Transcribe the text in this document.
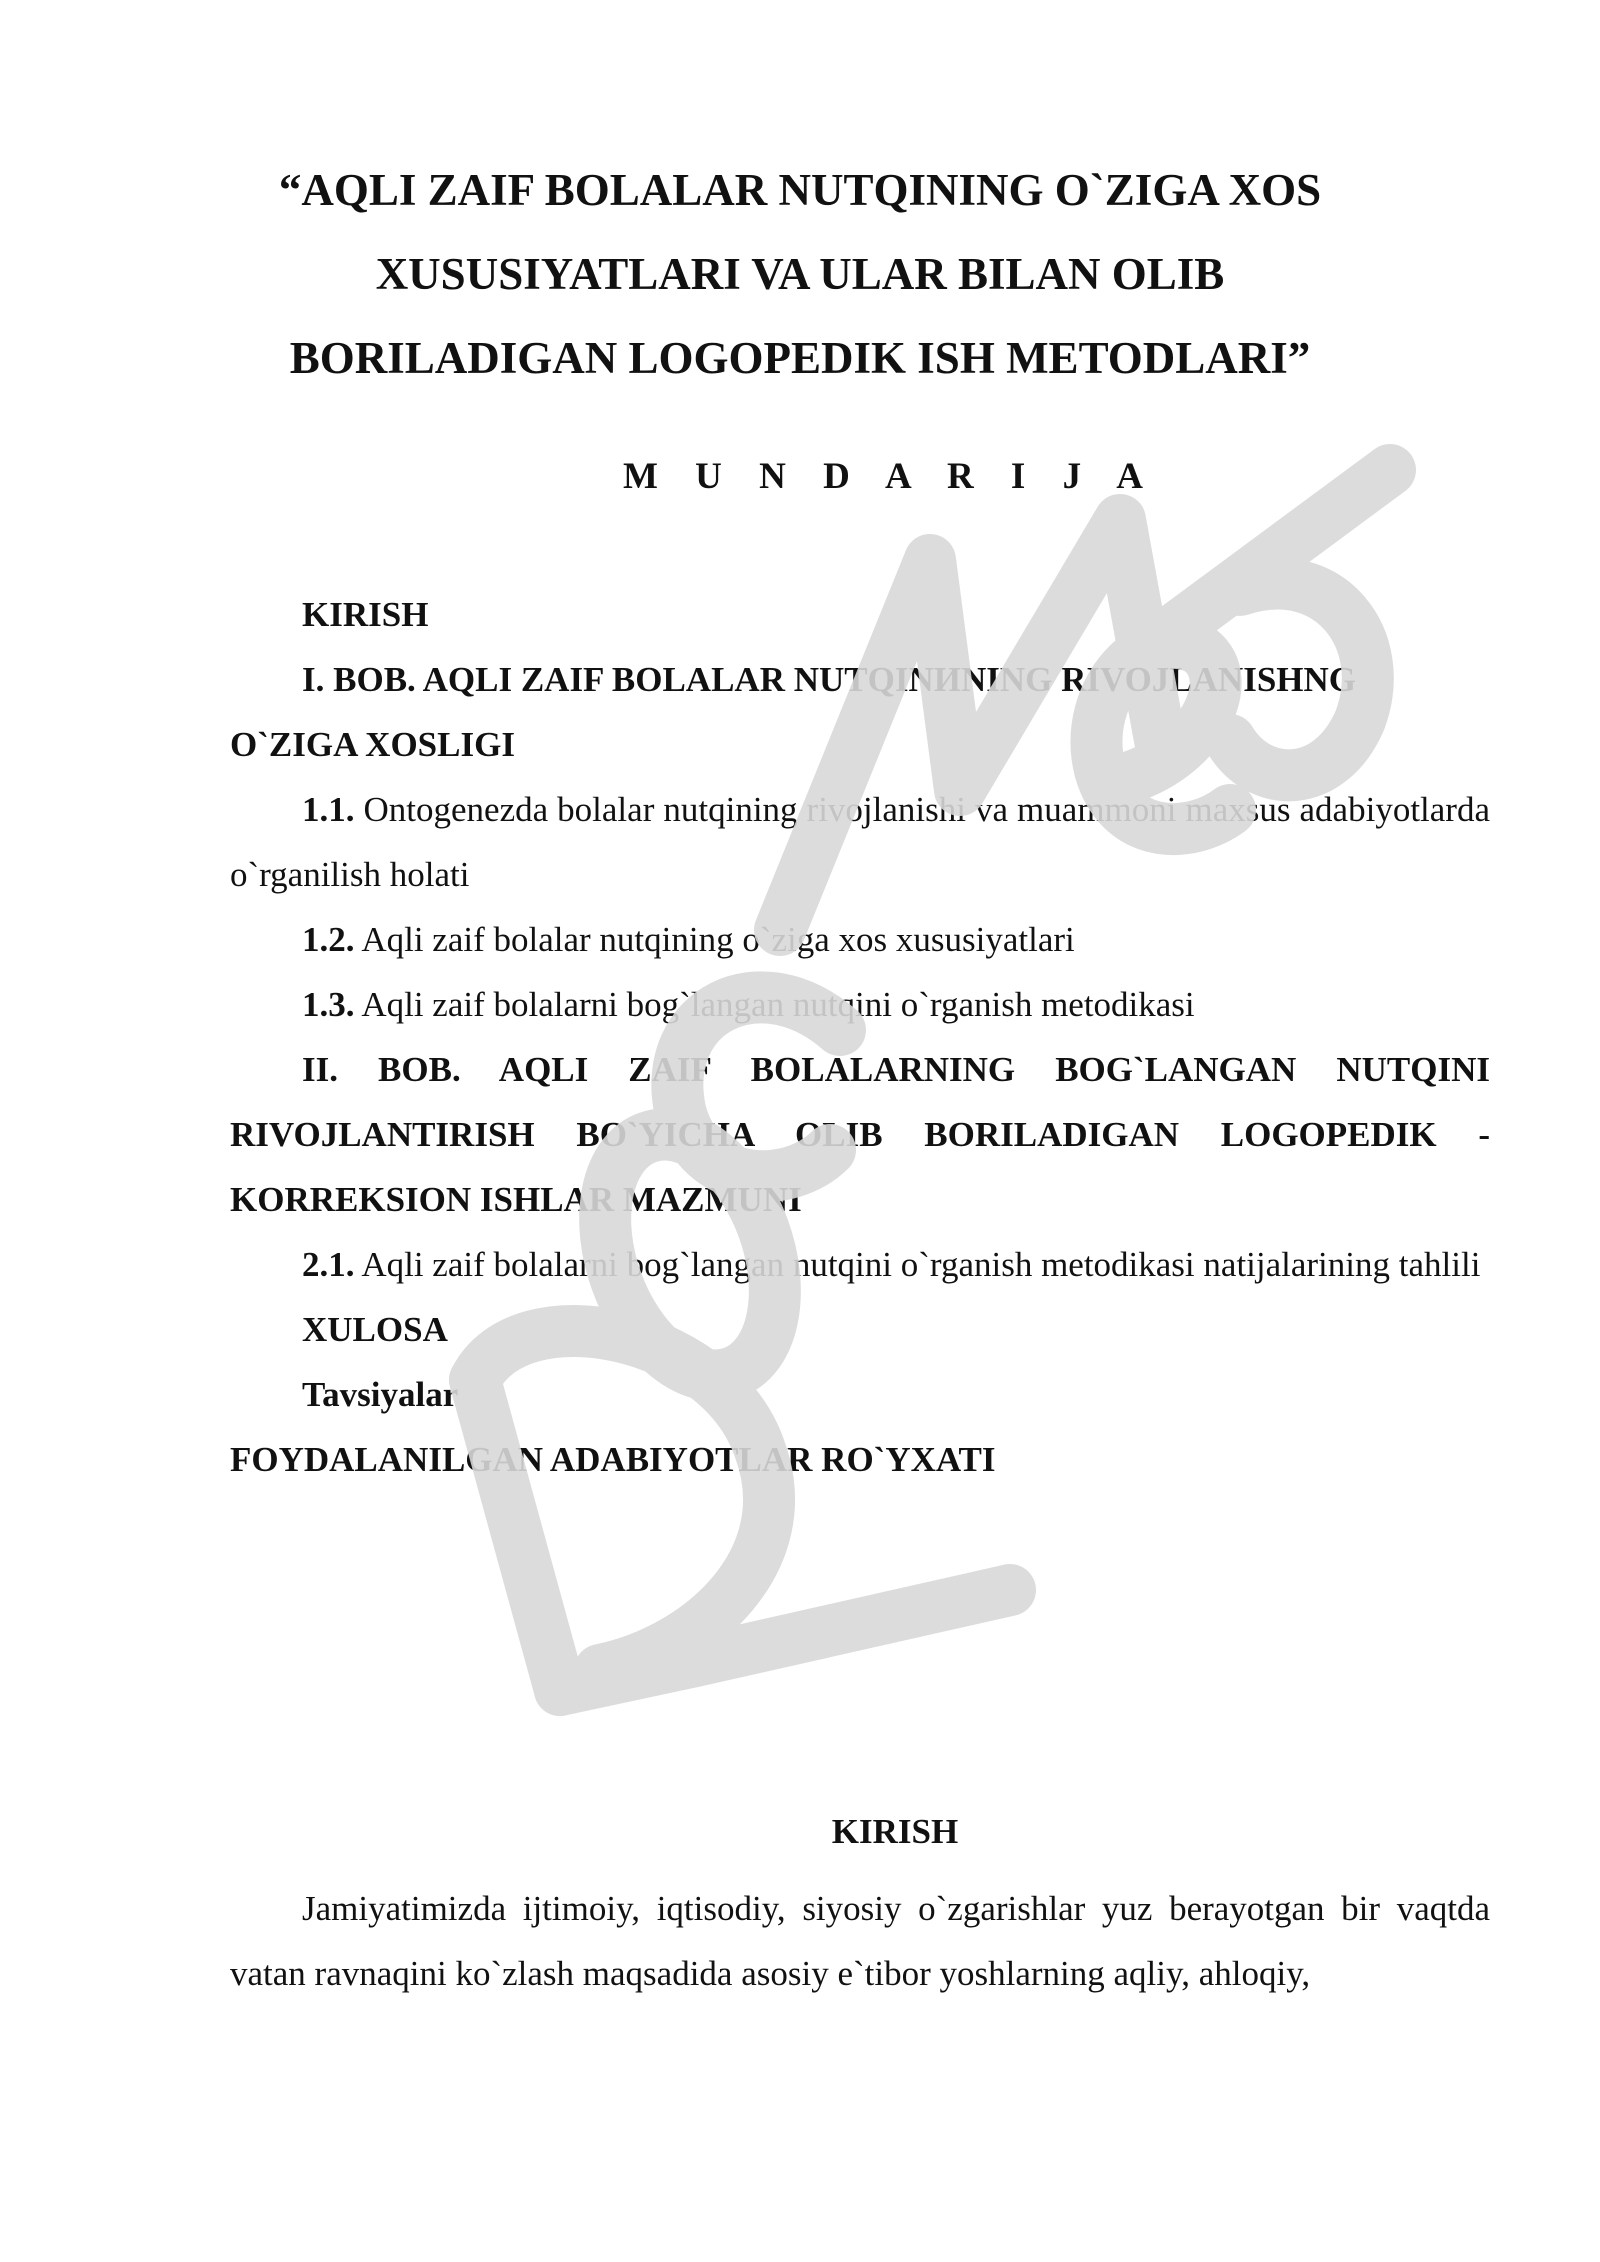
“AQLI ZAIF BOLALAR NUTQINING O`ZIGA XOS
XUSUSIYATLARI VA ULAR BILAN OLIB
BORILADIGAN LOGOPEDIK ISH METODLARI”
M U N D A R I J A
KIRISH
I. BOB. AQLI ZAIF BOLALAR NUTQINИNING RIVOJLANISHNG
O`ZIGA XOSLIGI
1.1. Ontogenezda bolalar nutqining rivojlanishi va muammoni maxsus adabiyotlarda o`rganilish holati
1.2. Aqli zaif bolalar nutqining o`ziga xos xususiyatlari
1.3. Aqli zaif bolalarni bog`langan nutqini o`rganish metodikasi
II. BOB. AQLI ZAIF BOLALARNING BOG`LANGAN NUTQINI RIVOJLANTIRISH BO`YICHA OLIB BORILADIGAN LOGOPEDIK - KORREKSION ISHLAR MAZMUNI
2.1. Aqli zaif bolalarni bog`langan nutqini o`rganish metodikasi natijalarining tahlili
XULOSA
Tavsiyalar
FOYDALANILGAN ADABIYOTLAR RO`YXATI
KIRISH
Jamiyatimizda ijtimoiy, iqtisodiy, siyosiy o`zgarishlar yuz berayotgan bir vaqtda vatan ravnaqini ko`zlash maqsadida asosiy e`tibor yoshlarning aqliy, ahloqiy,
